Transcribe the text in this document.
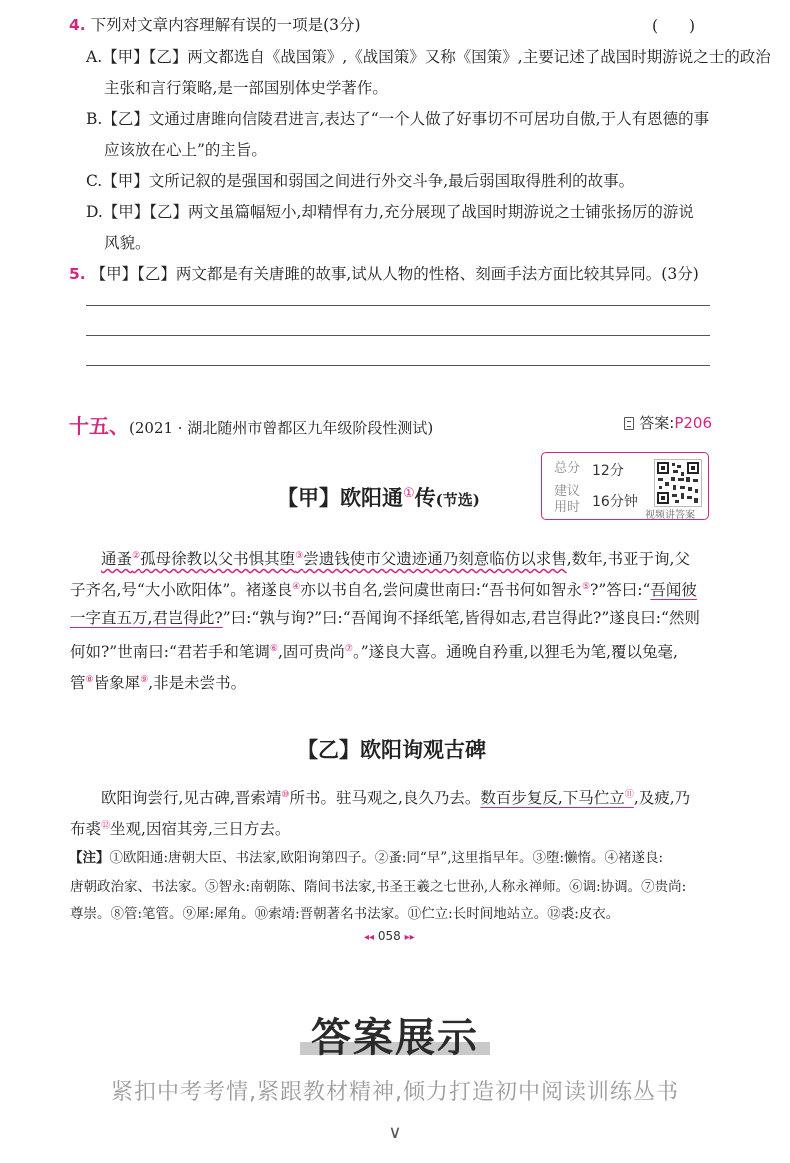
4. 下列对文章内容理解有误的一项是(3分)	(　　)
A.【甲】【乙】两文都选自《战国策》,《战国策》又称《国策》,主要记述了战国时期游说之士的政治
主张和言行策略,是一部国别体史学著作。
B.【乙】文通过唐雎向信陵君进言,表达了“一个人做了好事切不可居功自傲,于人有恩德的事
应该放在心上”的主旨。
C.【甲】文所记叙的是强国和弱国之间进行外交斗争,最后弱国取得胜利的故事。
D.【甲】【乙】两文虽篇幅短小,却精悍有力,充分展现了战国时期游说之士铺张扬厉的游说
风貌。
5. 【甲】【乙】两文都是有关唐雎的故事,试从人物的性格、刻画手法方面比较其异同。(3分)
十五、(2021 · 湖北随州市曾都区九年级阶段性测试)	答案:P206
【甲】欧阳通①传(节选)
总分 12分
建议
用时 16分钟
视频讲答案
通蚤②孤母徐教以父书惧其堕③尝遗钱使市父遗迹通乃刻意临仿以求售,数年,书亚于询,父
子齐名,号“大小欧阳体”。褚遂良④亦以书自名,尝问虞世南曰:“吾书何如智永⑤?”答曰:“吾闻彼
一字直五万,君岂得此?”曰:“孰与询?”曰:“吾闻询不择纸笔,皆得如志,君岂得此?”遂良曰:“然则
何如?”世南曰:“君若手和笔调⑥,固可贵尚⑦。”遂良大喜。通晚自矜重,以狸毛为笔,覆以兔毫,
管⑧皆象犀⑨,非是未尝书。
【乙】欧阳询观古碑
欧阳询尝行,见古碑,晋索靖⑩所书。驻马观之,良久乃去。数百步复反,下马伫立⑪,及疲,乃
布裘⑫坐观,因宿其旁,三日方去。
【注】①欧阳通:唐朝大臣、书法家,欧阳询第四子。②蚤:同“早”,这里指早年。③堕:懒惰。④褚遂良:
唐朝政治家、书法家。⑤智永:南朝陈、隋间书法家,书圣王羲之七世孙,人称永禅师。⑥调:协调。⑦贵尚:
尊崇。⑧管:笔管。⑨犀:犀角。⑩索靖:晋朝著名书法家。⑪伫立:长时间地站立。⑫裘:皮衣。
◂◂ 058 ▸▸
答案展示
紧扣中考考情,紧跟教材精神,倾力打造初中阅读训练丛书
∨
